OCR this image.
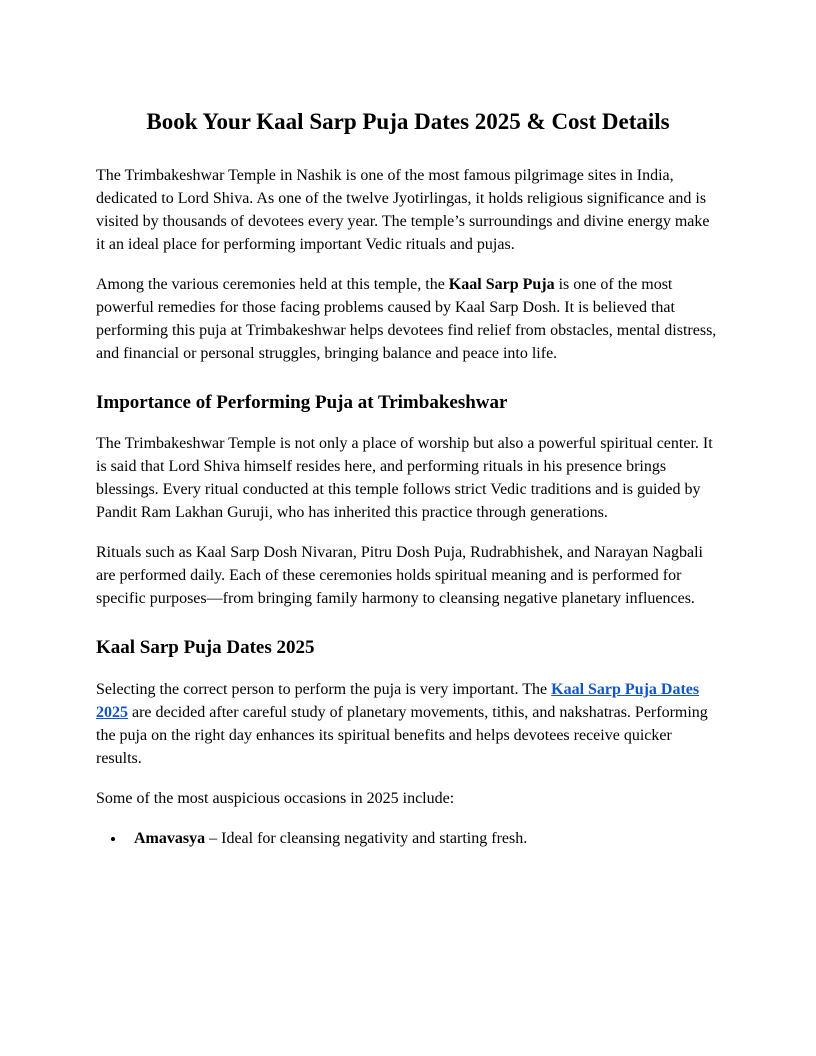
Book Your Kaal Sarp Puja Dates 2025 & Cost Details

The Trimbakeshwar Temple in Nashik is one of the most famous pilgrimage sites in India, dedicated to Lord Shiva. As one of the twelve Jyotirlingas, it holds religious significance and is visited by thousands of devotees every year. The temple’s surroundings and divine energy make it an ideal place for performing important Vedic rituals and pujas.

Among the various ceremonies held at this temple, the Kaal Sarp Puja is one of the most powerful remedies for those facing problems caused by Kaal Sarp Dosh. It is believed that performing this puja at Trimbakeshwar helps devotees find relief from obstacles, mental distress, and financial or personal struggles, bringing balance and peace into life.

Importance of Performing Puja at Trimbakeshwar

The Trimbakeshwar Temple is not only a place of worship but also a powerful spiritual center. It is said that Lord Shiva himself resides here, and performing rituals in his presence brings blessings. Every ritual conducted at this temple follows strict Vedic traditions and is guided by Pandit Ram Lakhan Guruji, who has inherited this practice through generations.

Rituals such as Kaal Sarp Dosh Nivaran, Pitru Dosh Puja, Rudrabhishek, and Narayan Nagbali are performed daily. Each of these ceremonies holds spiritual meaning and is performed for specific purposes—from bringing family harmony to cleansing negative planetary influences.

Kaal Sarp Puja Dates 2025

Selecting the correct person to perform the puja is very important. The Kaal Sarp Puja Dates 2025 are decided after careful study of planetary movements, tithis, and nakshatras. Performing the puja on the right day enhances its spiritual benefits and helps devotees receive quicker results.

Some of the most auspicious occasions in 2025 include:

• Amavasya – Ideal for cleansing negativity and starting fresh.
